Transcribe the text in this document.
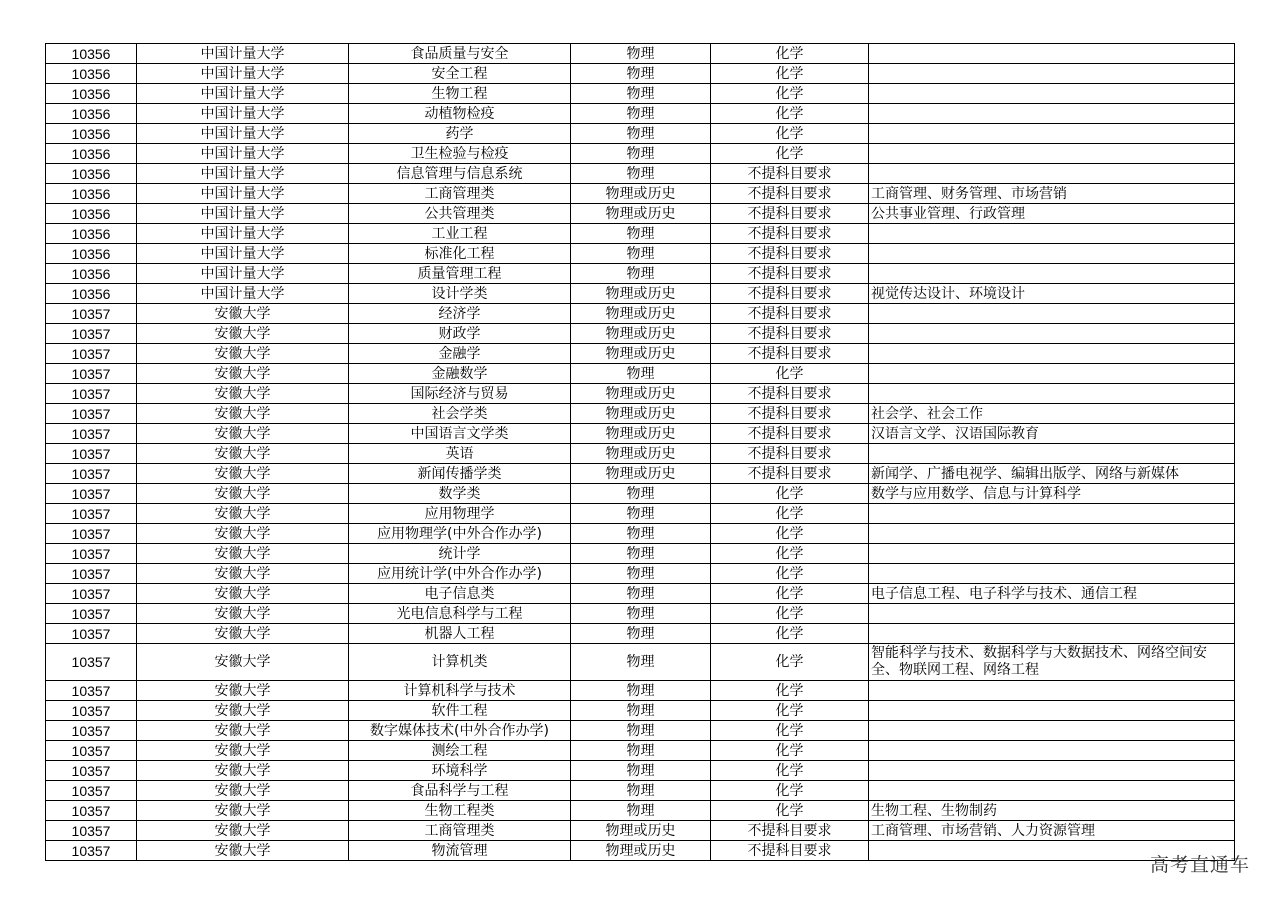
10356	中国计量大学	食品质量与安全	物理	化学	
10356	中国计量大学	安全工程	物理	化学	
10356	中国计量大学	生物工程	物理	化学	
10356	中国计量大学	动植物检疫	物理	化学	
10356	中国计量大学	药学	物理	化学	
10356	中国计量大学	卫生检验与检疫	物理	化学	
10356	中国计量大学	信息管理与信息系统	物理	不提科目要求	
10356	中国计量大学	工商管理类	物理或历史	不提科目要求	工商管理、财务管理、市场营销
10356	中国计量大学	公共管理类	物理或历史	不提科目要求	公共事业管理、行政管理
10356	中国计量大学	工业工程	物理	不提科目要求	
10356	中国计量大学	标准化工程	物理	不提科目要求	
10356	中国计量大学	质量管理工程	物理	不提科目要求	
10356	中国计量大学	设计学类	物理或历史	不提科目要求	视觉传达设计、环境设计
10357	安徽大学	经济学	物理或历史	不提科目要求	
10357	安徽大学	财政学	物理或历史	不提科目要求	
10357	安徽大学	金融学	物理或历史	不提科目要求	
10357	安徽大学	金融数学	物理	化学	
10357	安徽大学	国际经济与贸易	物理或历史	不提科目要求	
10357	安徽大学	社会学类	物理或历史	不提科目要求	社会学、社会工作
10357	安徽大学	中国语言文学类	物理或历史	不提科目要求	汉语言文学、汉语国际教育
10357	安徽大学	英语	物理或历史	不提科目要求	
10357	安徽大学	新闻传播学类	物理或历史	不提科目要求	新闻学、广播电视学、编辑出版学、网络与新媒体
10357	安徽大学	数学类	物理	化学	数学与应用数学、信息与计算科学
10357	安徽大学	应用物理学	物理	化学	
10357	安徽大学	应用物理学(中外合作办学)	物理	化学	
10357	安徽大学	统计学	物理	化学	
10357	安徽大学	应用统计学(中外合作办学)	物理	化学	
10357	安徽大学	电子信息类	物理	化学	电子信息工程、电子科学与技术、通信工程
10357	安徽大学	光电信息科学与工程	物理	化学	
10357	安徽大学	机器人工程	物理	化学	
10357	安徽大学	计算机类	物理	化学	智能科学与技术、数据科学与大数据技术、网络空间安全、物联网工程、网络工程
10357	安徽大学	计算机科学与技术	物理	化学	
10357	安徽大学	软件工程	物理	化学	
10357	安徽大学	数字媒体技术(中外合作办学)	物理	化学	
10357	安徽大学	测绘工程	物理	化学	
10357	安徽大学	环境科学	物理	化学	
10357	安徽大学	食品科学与工程	物理	化学	
10357	安徽大学	生物工程类	物理	化学	生物工程、生物制药
10357	安徽大学	工商管理类	物理或历史	不提科目要求	工商管理、市场营销、人力资源管理
10357	安徽大学	物流管理	物理或历史	不提科目要求	
高考直通车
